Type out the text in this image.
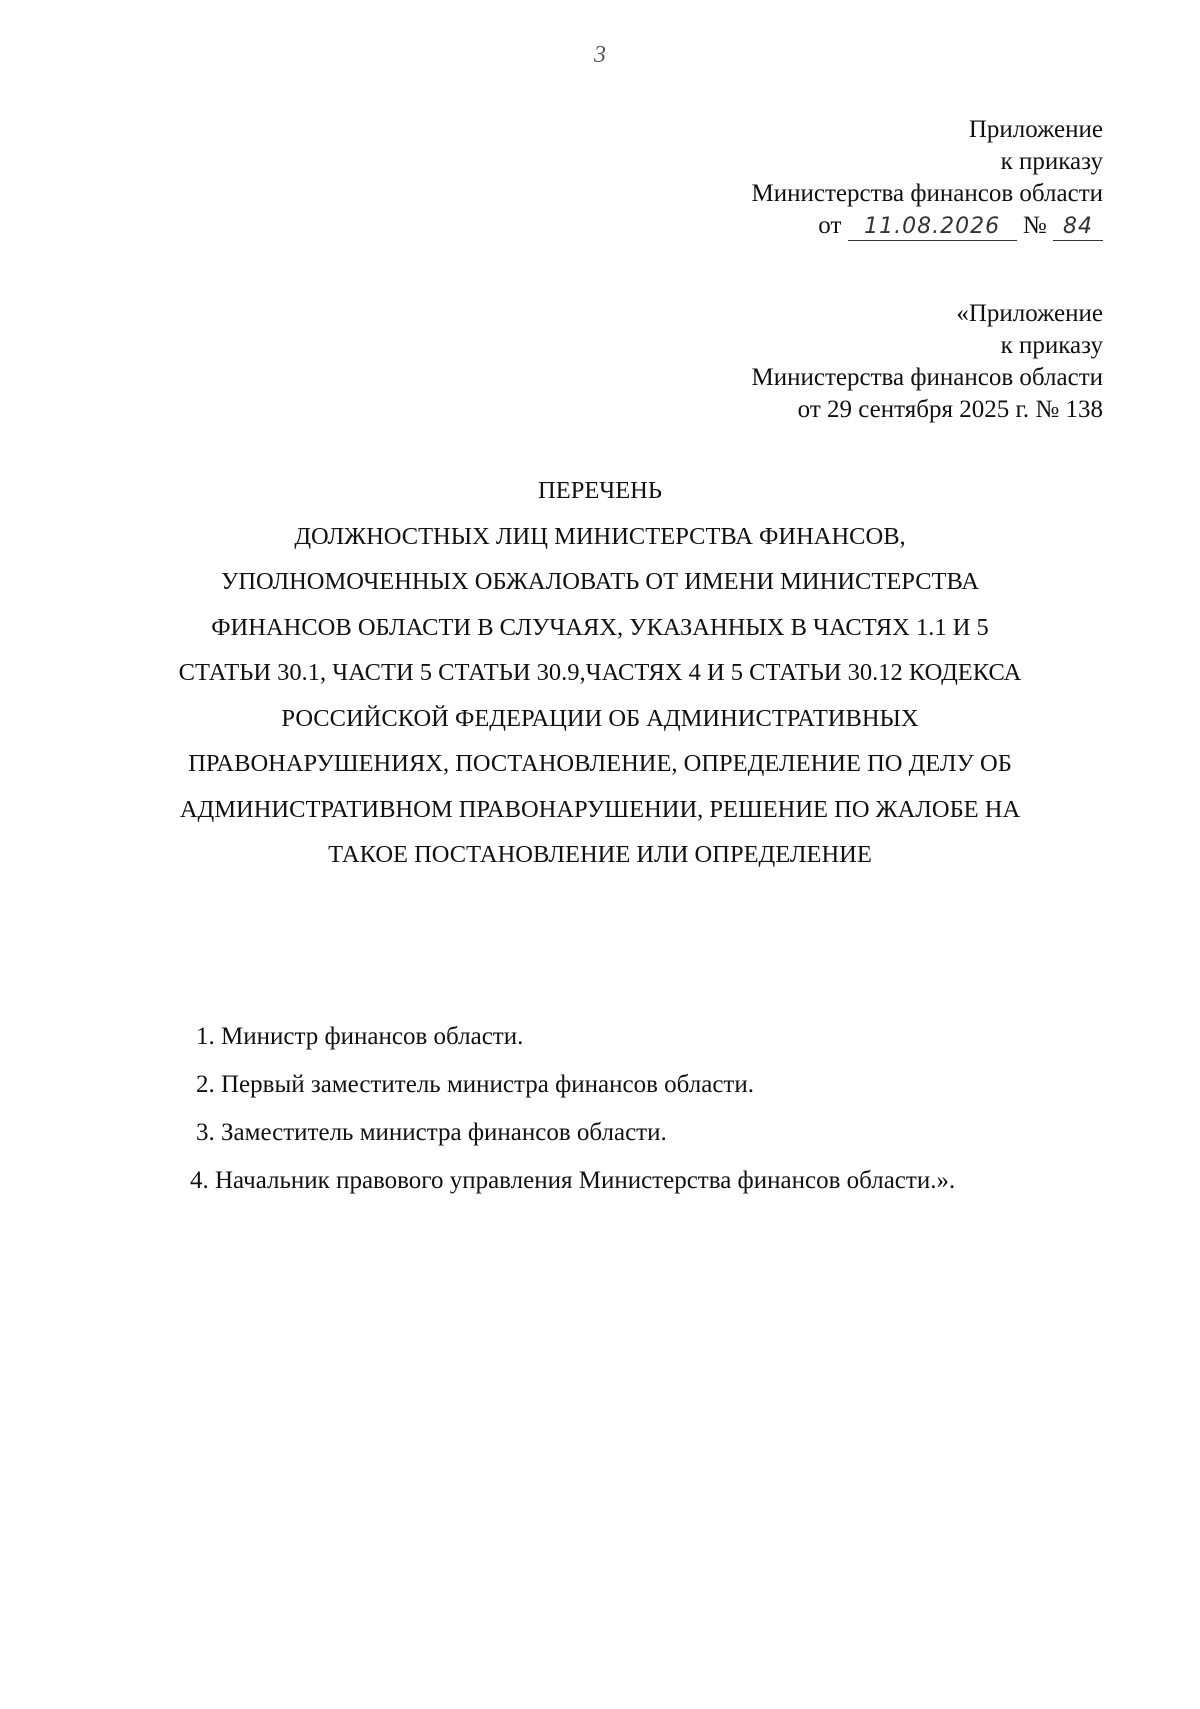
3
Приложение
к приказу
Министерства финансов области
от 11.08.2026 № 84
«Приложение
к приказу
Министерства финансов области
от 29 сентября 2025 г. № 138
ПЕРЕЧЕНЬ
ДОЛЖНОСТНЫХ ЛИЦ МИНИСТЕРСТВА ФИНАНСОВ,
УПОЛНОМОЧЕННЫХ ОБЖАЛОВАТЬ ОТ ИМЕНИ МИНИСТЕРСТВА
ФИНАНСОВ ОБЛАСТИ В СЛУЧАЯХ, УКАЗАННЫХ В ЧАСТЯХ 1.1 И 5
СТАТЬИ 30.1, ЧАСТИ 5 СТАТЬИ 30.9,ЧАСТЯХ 4 И 5 СТАТЬИ 30.12 КОДЕКСА
РОССИЙСКОЙ ФЕДЕРАЦИИ ОБ АДМИНИСТРАТИВНЫХ
ПРАВОНАРУШЕНИЯХ, ПОСТАНОВЛЕНИЕ, ОПРЕДЕЛЕНИЕ ПО ДЕЛУ ОБ
АДМИНИСТРАТИВНОМ ПРАВОНАРУШЕНИИ, РЕШЕНИЕ ПО ЖАЛОБЕ НА
ТАКОЕ ПОСТАНОВЛЕНИЕ ИЛИ ОПРЕДЕЛЕНИЕ
1. Министр финансов области.
2. Первый заместитель министра финансов области.
3. Заместитель министра финансов области.
4. Начальник правового управления Министерства финансов области.».
